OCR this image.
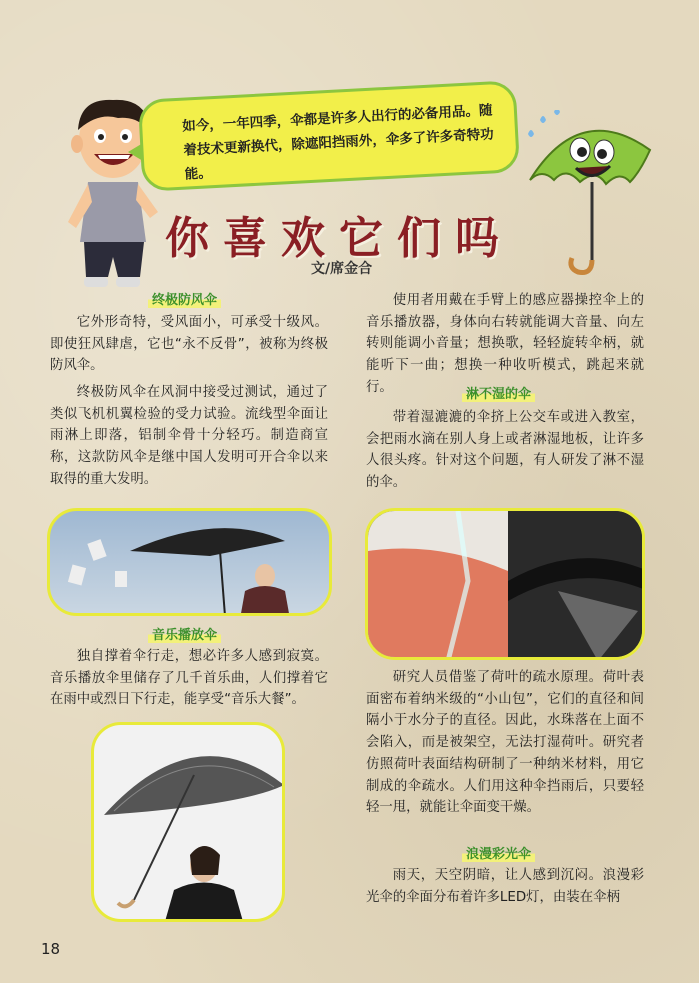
如今，一年四季，伞都是许多人出行的必备用品。随着技术更新换代，除遮阳挡雨外，伞多了许多奇特功能。
你喜欢它们吗
文/席金合
终极防风伞
它外形奇特，受风面小，可承受十级风。即使狂风肆虐，它也“永不反骨”，被称为终极防风伞。
终极防风伞在风洞中接受过测试，通过了类似飞机机翼检验的受力试验。流线型伞面让雨淋上即落，铝制伞骨十分轻巧。制造商宣称，这款防风伞是继中国人发明可开合伞以来取得的重大发明。
音乐播放伞
独自撑着伞行走，想必许多人感到寂寞。音乐播放伞里储存了几千首乐曲，人们撑着它在雨中或烈日下行走，能享受“音乐大餐”。
使用者用戴在手臂上的感应器操控伞上的音乐播放器，身体向右转就能调大音量、向左转则能调小音量；想换歌，轻轻旋转伞柄，就能听下一曲；想换一种收听模式，跳起来就行。	淋不湿的伞
带着湿漉漉的伞挤上公交车或进入教室，会把雨水滴在别人身上或者淋湿地板，让许多人很头疼。针对这个问题，有人研发了淋不湿的伞。
研究人员借鉴了荷叶的疏水原理。荷叶表面密布着纳米级的“小山包”，它们的直径和间隔小于水分子的直径。因此，水珠落在上面不会陷入，而是被架空，无法打湿荷叶。研究者仿照荷叶表面结构研制了一种纳米材料，用它制成的伞疏水。人们用这种伞挡雨后，只要轻轻一甩，就能让伞面变干燥。
浪漫彩光伞
雨天，天空阴暗，让人感到沉闷。浪漫彩光伞的伞面分布着许多LED灯，由装在伞柄
18
